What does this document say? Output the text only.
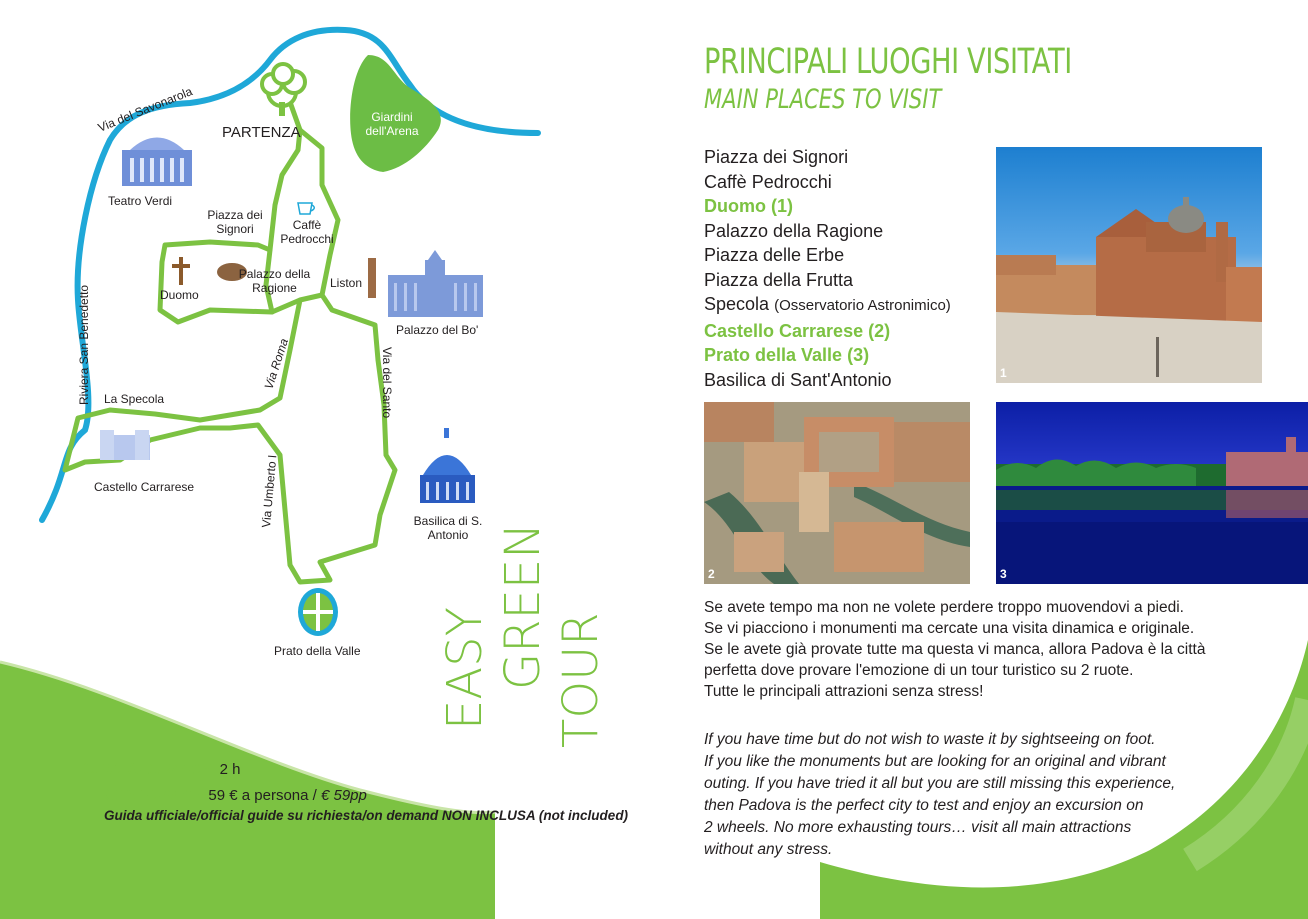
Via del Savonarola
Riviera San Benedetto	Via Roma	Via del Santo
Via Umberto I
PARTENZA
Giardini dell'Arena
Teatro Verdi
Piazza dei Signori	Caffè Pedrocchi
Duomo
Palazzo della Ragione	Liston
Palazzo del Bo'
La Specola
Castello Carrarese
Basilica di S. Antonio
Prato della Valle EASY GREEN TOUR
DURATA/DURATION: 2 h
COSTO/PRICE: 59 € a persona / € 59pp
Guida ufficiale/official guide su richiesta/on demand NON INCLUSA (not included)
PRINCIPALI LUOGHI VISITATI
MAIN PLACES TO VISIT
Piazza dei Signori
Caffè Pedrocchi
Duomo (1)
Palazzo della Ragione
Piazza delle Erbe
Piazza della Frutta
Specola (Osservatorio Astronimico)
Castello Carrarese (2)
Prato della Valle (3)
Basilica di Sant'Antonio	1
2	3
Se avete tempo ma non ne volete perdere troppo muovendovi a piedi.
Se vi piacciono i monumenti ma cercate una visita dinamica e originale.
Se le avete già provate tutte ma questa vi manca, allora Padova è la città
perfetta dove provare l'emozione di un tour turistico su 2 ruote.
Tutte le principali attrazioni senza stress!
If you have time but do not wish to waste it by sightseeing on foot.
If you like the monuments but are looking for an original and vibrant
outing. If you have tried it all but you are still missing this experience,
then Padova is the perfect city to test and enjoy an excursion on
2 wheels. No more exhausting tours… visit all main attractions
without any stress.
